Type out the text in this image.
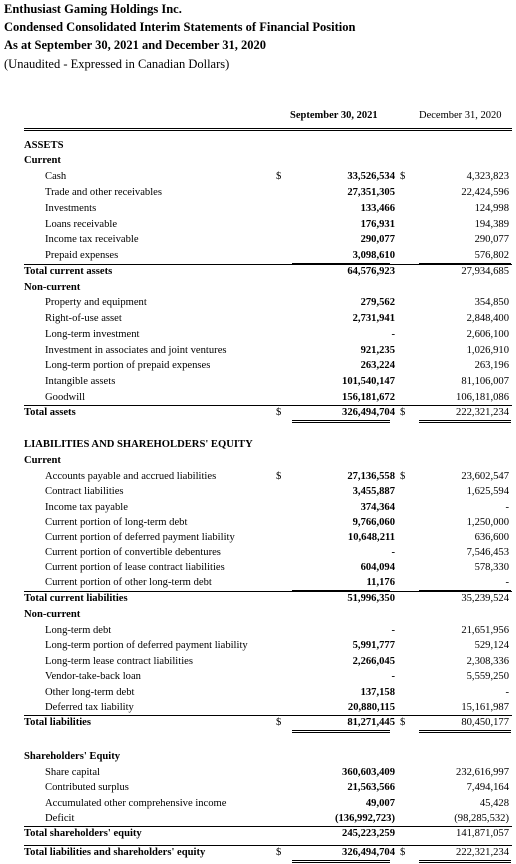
Enthusiast Gaming Holdings Inc.
Condensed Consolidated Interim Statements of Financial Position
As at September 30, 2021 and December 31, 2020
(Unaudited - Expressed in Canadian Dollars)
September 30, 2021	December 31, 2020
ASSETS
Current
Cash	$	33,526,534 $	4,323,823
Trade and other receivables	27,351,305	22,424,596
Investments	133,466	124,998
Loans receivable	176,931	194,389
Income tax receivable	290,077	290,077
Prepaid expenses	3,098,610	576,802
Total current assets	64,576,923	27,934,685
Non-current
Property and equipment	279,562	354,850
Right-of-use asset	2,731,941	2,848,400
Long-term investment	-	2,606,100
Investment in associates and joint ventures	921,235	1,026,910
Long-term portion of prepaid expenses	263,224	263,196
Intangible assets	101,540,147	81,106,007
Goodwill	156,181,672	106,181,086
Total assets	$	326,494,704 $	222,321,234
LIABILITIES AND SHAREHOLDERS' EQUITY
Current
Accounts payable and accrued liabilities	$	27,136,558 $	23,602,547
Contract liabilities	3,455,887	1,625,594
Income tax payable	374,364	-
Current portion of long-term debt	9,766,060	1,250,000
Current portion of deferred payment liability	10,648,211	636,600
Current portion of convertible debentures	-	7,546,453
Current portion of lease contract liabilities	604,094	578,330
Current portion of other long-term debt	11,176	-
Total current liabilities	51,996,350	35,239,524
Non-current
Long-term debt	-	21,651,956
Long-term portion of deferred payment liability	5,991,777	529,124
Long-term lease contract liabilities	2,266,045	2,308,336
Vendor-take-back loan	-	5,559,250
Other long-term debt	137,158	-
Deferred tax liability	20,880,115	15,161,987
Total liabilities	$	81,271,445 $	80,450,177
Shareholders' Equity
Share capital	360,603,409	232,616,997
Contributed surplus	21,563,566	7,494,164
Accumulated other comprehensive income	49,007	45,428
Deficit	(136,992,723)	(98,285,532)
Total shareholders' equity	245,223,259	141,871,057
Total liabilities and shareholders' equity	$	326,494,704 $	222,321,234
